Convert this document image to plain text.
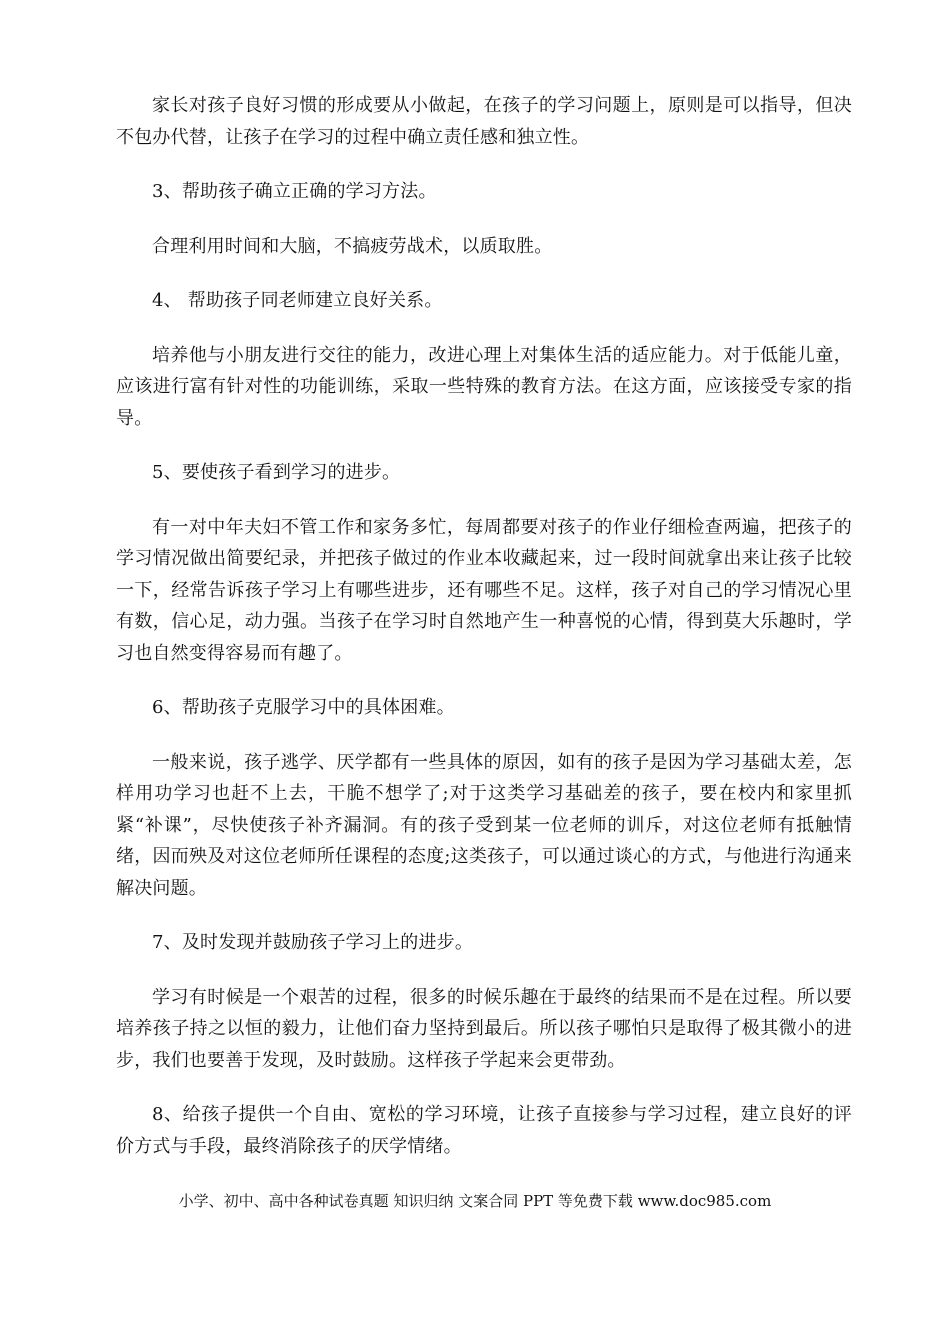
家长对孩子良好习惯的形成要从小做起，在孩子的学习问题上，原则是可以指导，但决不包办代替，让孩子在学习的过程中确立责任感和独立性。

3、帮助孩子确立正确的学习方法。

合理利用时间和大脑，不搞疲劳战术，以质取胜。

4、 帮助孩子同老师建立良好关系。

培养他与小朋友进行交往的能力，改进心理上对集体生活的适应能力。对于低能儿童，应该进行富有针对性的功能训练，采取一些特殊的教育方法。在这方面，应该接受专家的指导。

5、要使孩子看到学习的进步。

有一对中年夫妇不管工作和家务多忙，每周都要对孩子的作业仔细检查两遍，把孩子的学习情况做出简要纪录，并把孩子做过的作业本收藏起来，过一段时间就拿出来让孩子比较一下，经常告诉孩子学习上有哪些进步，还有哪些不足。这样，孩子对自己的学习情况心里有数，信心足，动力强。当孩子在学习时自然地产生一种喜悦的心情，得到莫大乐趣时，学习也自然变得容易而有趣了。

6、帮助孩子克服学习中的具体困难。

一般来说，孩子逃学、厌学都有一些具体的原因，如有的孩子是因为学习基础太差，怎样用功学习也赶不上去，干脆不想学了;对于这类学习基础差的孩子，要在校内和家里抓紧“补课”，尽快使孩子补齐漏洞。有的孩子受到某一位老师的训斥，对这位老师有抵触情绪，因而殃及对这位老师所任课程的态度;这类孩子，可以通过谈心的方式，与他进行沟通来解决问题。

7、及时发现并鼓励孩子学习上的进步。

学习有时候是一个艰苦的过程，很多的时候乐趣在于最终的结果而不是在过程。所以要培养孩子持之以恒的毅力，让他们奋力坚持到最后。所以孩子哪怕只是取得了极其微小的进步，我们也要善于发现，及时鼓励。这样孩子学起来会更带劲。

8、给孩子提供一个自由、宽松的学习环境，让孩子直接参与学习过程，建立良好的评价方式与手段，最终消除孩子的厌学情绪。

小学、初中、高中各种试卷真题 知识归纳 文案合同 PPT 等免费下载 www.doc985.com
